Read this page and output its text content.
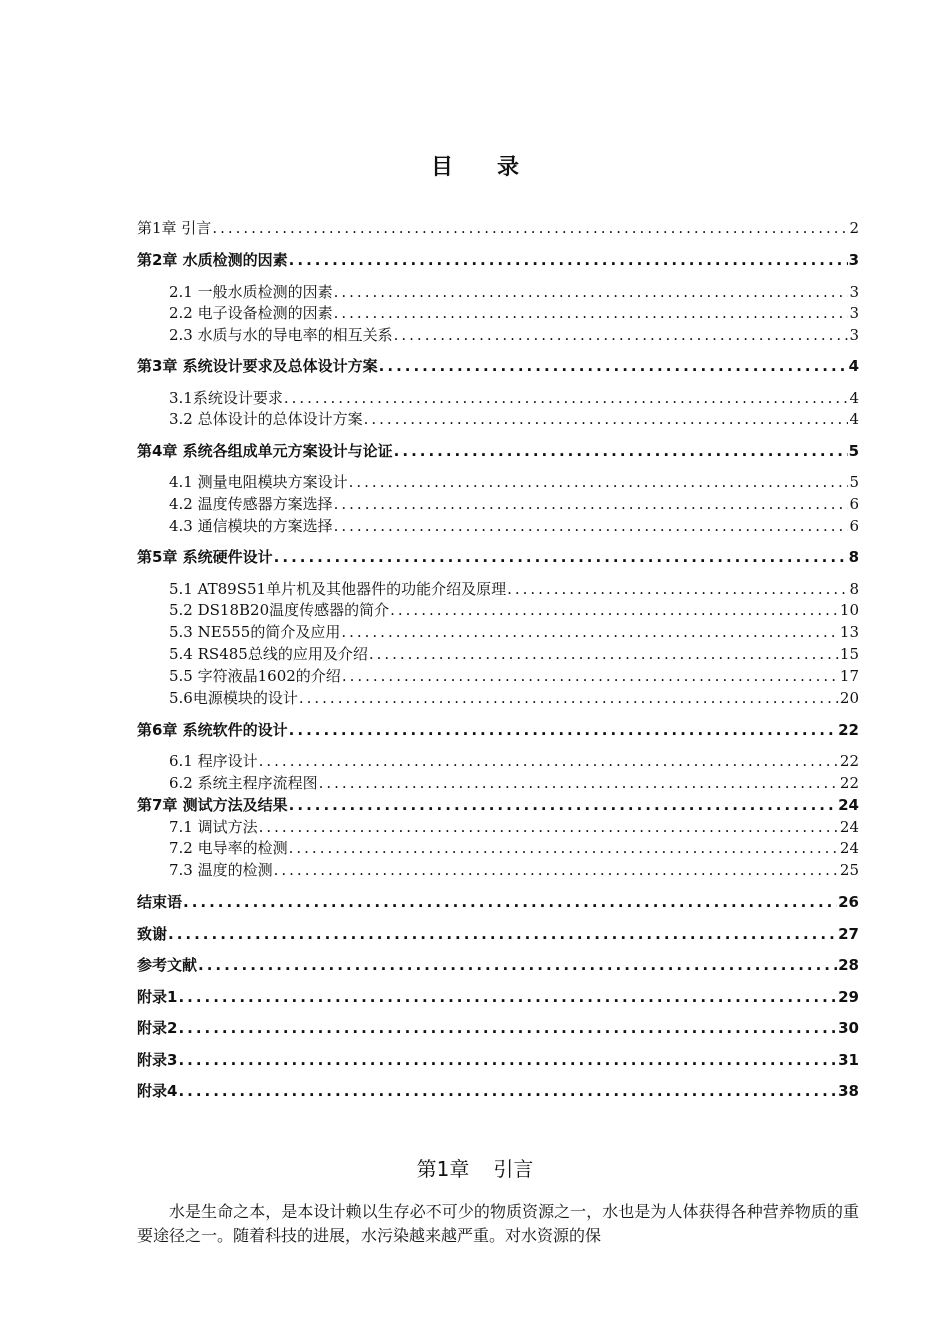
目 录
第1章 引言 .....	2
第2章 水质检测的因素 .....	3
2.1 一般水质检测的因素 .....	3
2.2 电子设备检测的因素 .....	3
2.3 水质与水的导电率的相互关系 .....	3
第3章 系统设计要求及总体设计方案 .....	4
3.1系统设计要求 .....	4
3.2 总体设计的总体设计方案 .....	4
第4章 系统各组成单元方案设计与论证 .....	5
4.1 测量电阻模块方案设计 .....	5
4.2 温度传感器方案选择 .....	6
4.3 通信模块的方案选择 .....	6
第5章 系统硬件设计 .....	8
5.1 AT89S51单片机及其他器件的功能介绍及原理 .....	8
5.2 DS18B20温度传感器的简介 .....	10
5.3 NE555的简介及应用 .....	13
5.4 RS485总线的应用及介绍 .....	15
5.5 字符液晶1602的介绍 .....	17
5.6电源模块的设计 .....	20
第6章 系统软件的设计 .....	22
6.1 程序设计 .....	22
6.2 系统主程序流程图 .....	22
第7章 测试方法及结果 .....	24
7.1 调试方法 .....	24
7.2 电导率的检测 .....	24
7.3 温度的检测 .....	25
结束语 .....	26
致谢 .....	27
参考文献 .....	28
附录1 .....	29
附录2 .....	30
附录3 .....	31
附录4 .....	38
第1章 引言
水是生命之本，是本设计赖以生存必不可少的物质资源之一，水也是为人体获得各种营养物质的重要途径之一。随着科技的进展，水污染越来越严重。对水资源的保
